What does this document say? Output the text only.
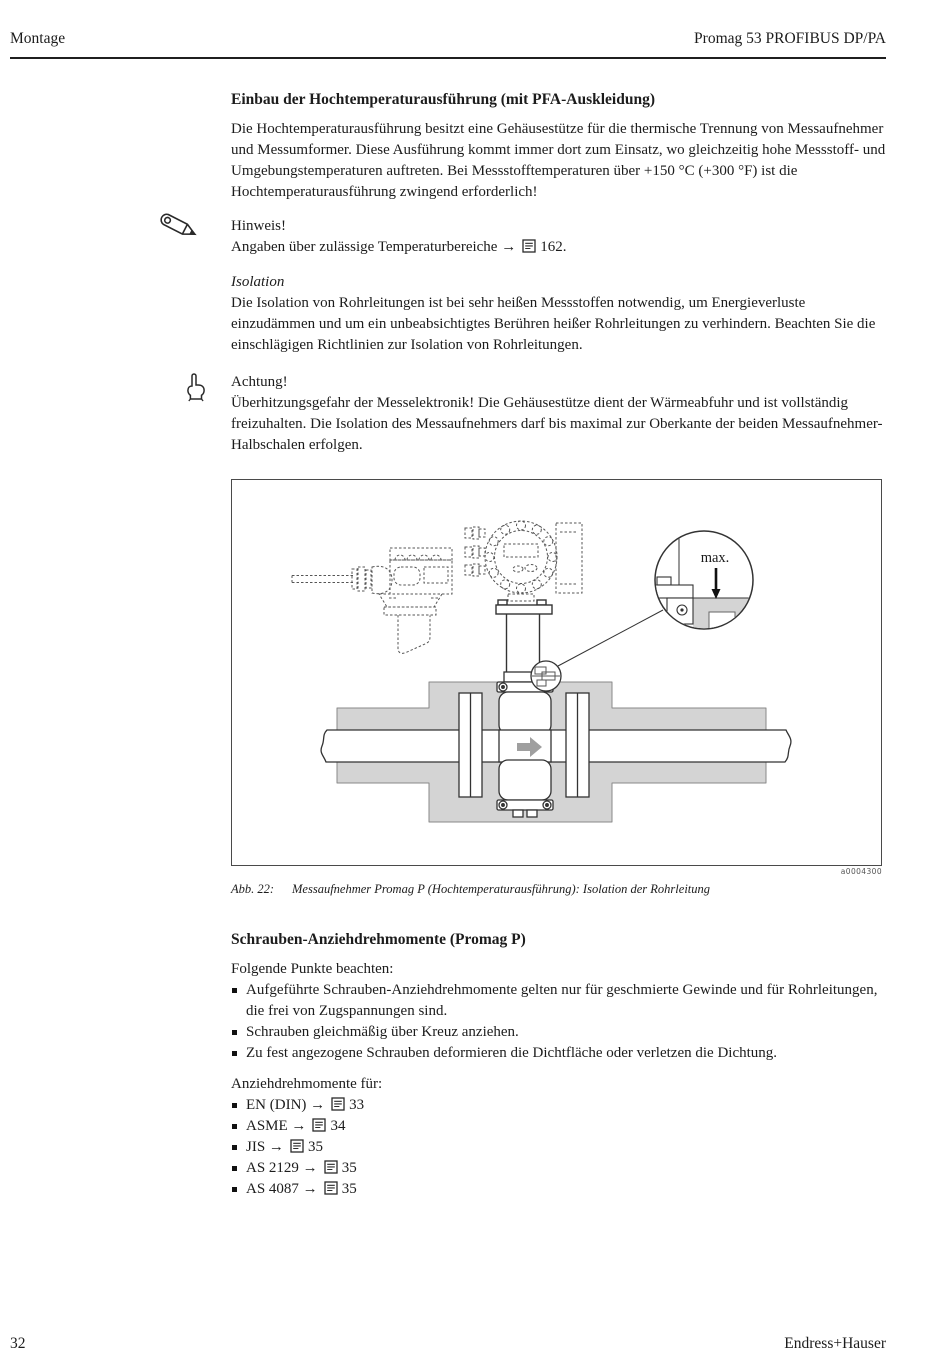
Montage	Promag 53 PROFIBUS DP/PA
Einbau der Hochtemperaturausführung (mit PFA-Auskleidung)

Die Hochtemperaturausführung besitzt eine Gehäusestütze für die thermische Trennung von Messaufnehmer und Messumformer. Diese Ausführung kommt immer dort zum Einsatz, wo gleichzeitig hohe Messstoff- und Umgebungstemperaturen auftreten. Bei Messstofftemperaturen über +150 °C (+300 °F) ist die Hochtemperaturausführung zwingend erforderlich!

Hinweis!
Angaben über zulässige Temperaturbereiche → 162.
Isolation

Die Isolation von Rohrleitungen ist bei sehr heißen Messstoffen notwendig, um Energieverluste einzudämmen und um ein unbeabsichtigtes Berühren heißer Rohrleitungen zu verhindern. Beachten Sie die einschlägigen Richtlinien zur Isolation von Rohrleitungen.

Achtung!

Überhitzungsgefahr der Messelektronik! Die Gehäusestütze dient der Wärmeabfuhr und ist vollständig freizuhalten. Die Isolation des Messaufnehmers darf bis maximal zur Oberkante der beiden Messaufnehmer-Halbschalen erfolgen.

max.
a0004300
Abb. 22:	Messaufnehmer Promag P (Hochtemperaturausführung): Isolation der Rohrleitung
Schrauben-Anziehdrehmomente (Promag P)
Folgende Punkte beachten:
Aufgeführte Schrauben-Anziehdrehmomente gelten nur für geschmierte Gewinde und für Rohrleitungen, die frei von Zugspannungen sind.
Schrauben gleichmäßig über Kreuz anziehen.
Zu fest angezogene Schrauben deformieren die Dichtfläche oder verletzen die Dichtung.
Anziehdrehmomente für:
EN (DIN) → 33
ASME → 34
JIS → 35
AS 2129 → 35
AS 4087 → 35
32	Endress+Hauser
